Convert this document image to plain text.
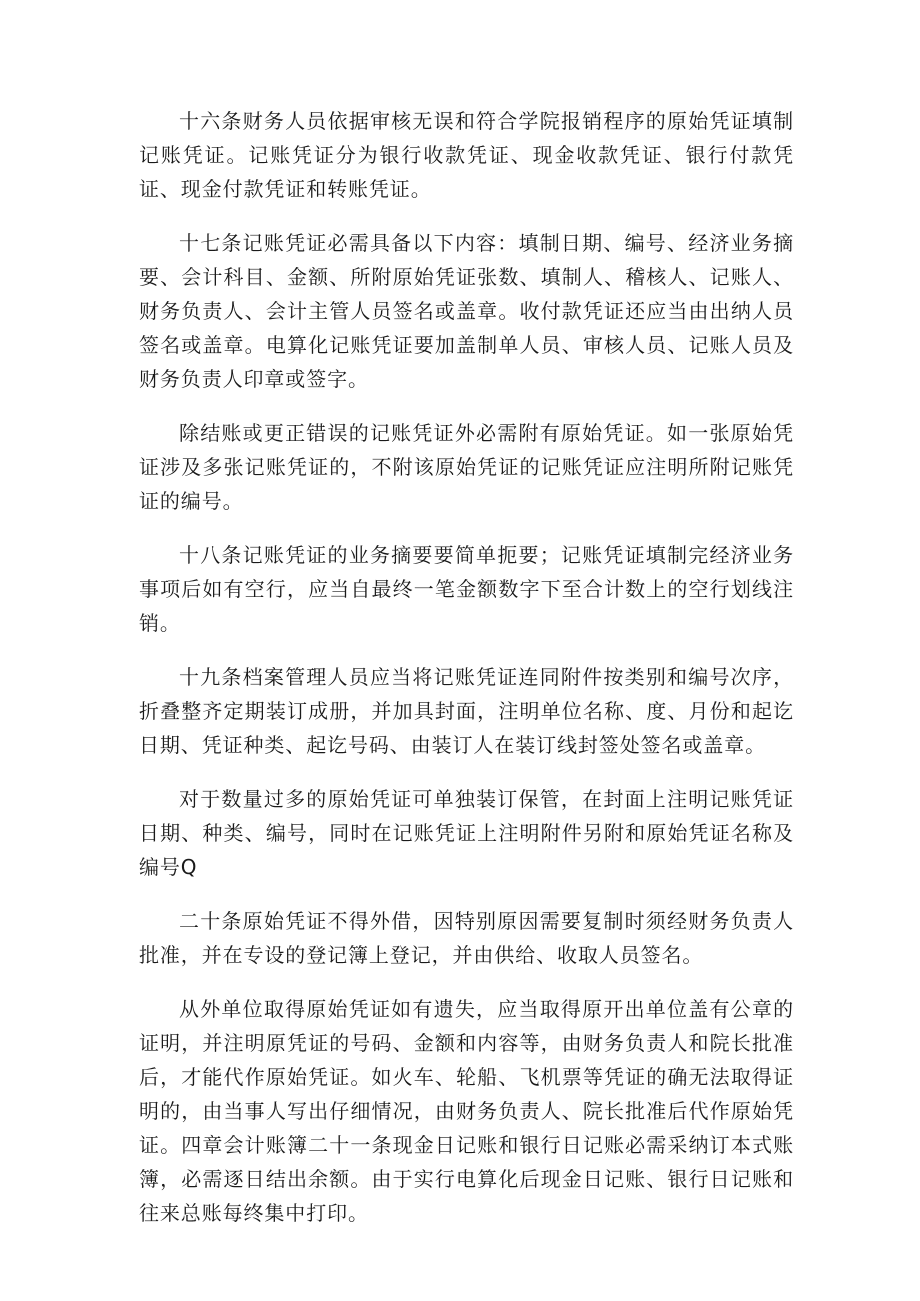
十六条财务人员依据审核无误和符合学院报销程序的原始凭证填制记账凭证。记账凭证分为银行收款凭证、现金收款凭证、银行付款凭证、现金付款凭证和转账凭证。

十七条记账凭证必需具备以下内容：填制日期、编号、经济业务摘要、会计科目、金额、所附原始凭证张数、填制人、稽核人、记账人、财务负责人、会计主管人员签名或盖章。收付款凭证还应当由出纳人员签名或盖章。电算化记账凭证要加盖制单人员、审核人员、记账人员及财务负责人印章或签字。

除结账或更正错误的记账凭证外必需附有原始凭证。如一张原始凭证涉及多张记账凭证的，不附该原始凭证的记账凭证应注明所附记账凭证的编号。

十八条记账凭证的业务摘要要简单扼要；记账凭证填制完经济业务事项后如有空行，应当自最终一笔金额数字下至合计数上的空行划线注销。

十九条档案管理人员应当将记账凭证连同附件按类别和编号次序，折叠整齐定期装订成册，并加具封面，注明单位名称、度、月份和起讫日期、凭证种类、起讫号码、由装订人在装订线封签处签名或盖章。

对于数量过多的原始凭证可单独装订保管，在封面上注明记账凭证日期、种类、编号，同时在记账凭证上注明附件另附和原始凭证名称及编号Q

二十条原始凭证不得外借，因特别原因需要复制时须经财务负责人批准，并在专设的登记簿上登记，并由供给、收取人员签名。

从外单位取得原始凭证如有遗失，应当取得原开出单位盖有公章的证明，并注明原凭证的号码、金额和内容等，由财务负责人和院长批准后，才能代作原始凭证。如火车、轮船、飞机票等凭证的确无法取得证明的，由当事人写出仔细情况，由财务负责人、院长批准后代作原始凭证。四章会计账簿二十一条现金日记账和银行日记账必需采纳订本式账簿，必需逐日结出余额。由于实行电算化后现金日记账、银行日记账和往来总账每终集中打印。
